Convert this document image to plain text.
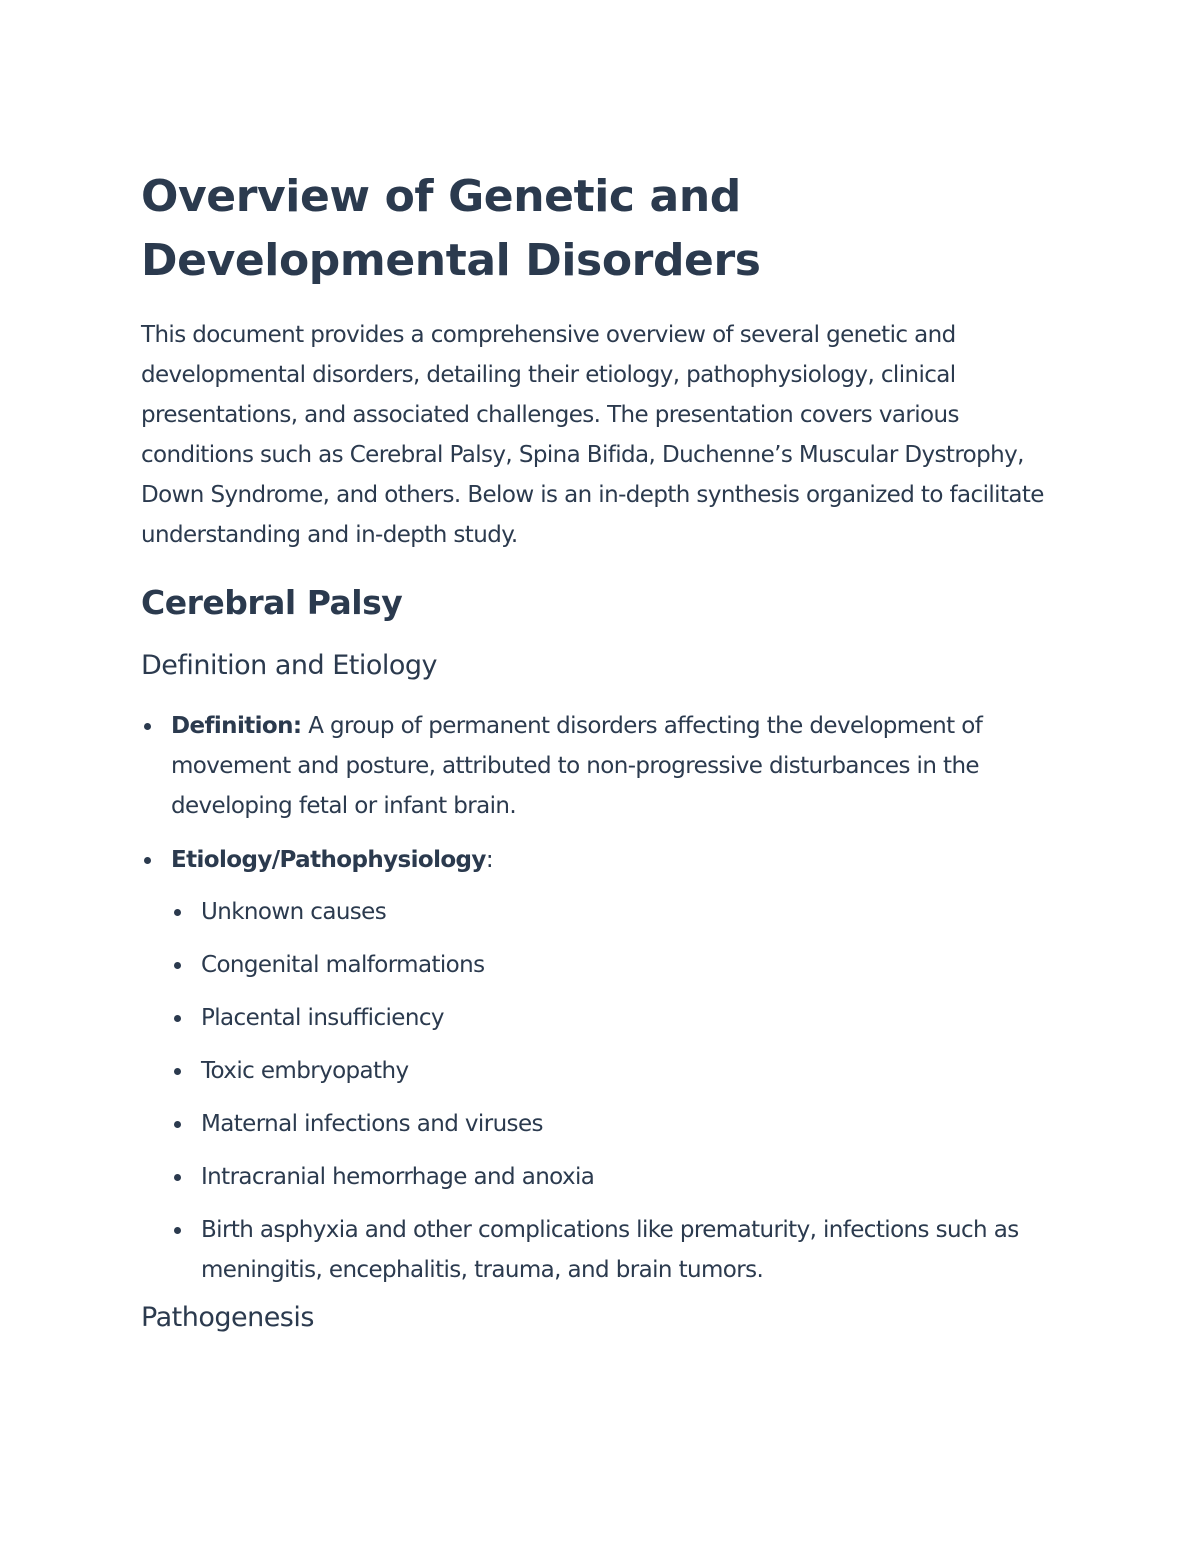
Overview of Genetic and Developmental Disorders

This document provides a comprehensive overview of several genetic and developmental disorders, detailing their etiology, pathophysiology, clinical presentations, and associated challenges. The presentation covers various conditions such as Cerebral Palsy, Spina Bifida, Duchenne’s Muscular Dystrophy, Down Syndrome, and others. Below is an in-depth synthesis organized to facilitate understanding and in-depth study.

Cerebral Palsy
Definition and Etiology
Definition: A group of permanent disorders affecting the development of movement and posture, attributed to non-progressive disturbances in the developing fetal or infant brain.
Etiology/Pathophysiology:
Unknown causes
Congenital malformations
Placental insufficiency
Toxic embryopathy
Maternal infections and viruses
Intracranial hemorrhage and anoxia
Birth asphyxia and other complications like prematurity, infections such as meningitis, encephalitis, trauma, and brain tumors.
Pathogenesis
